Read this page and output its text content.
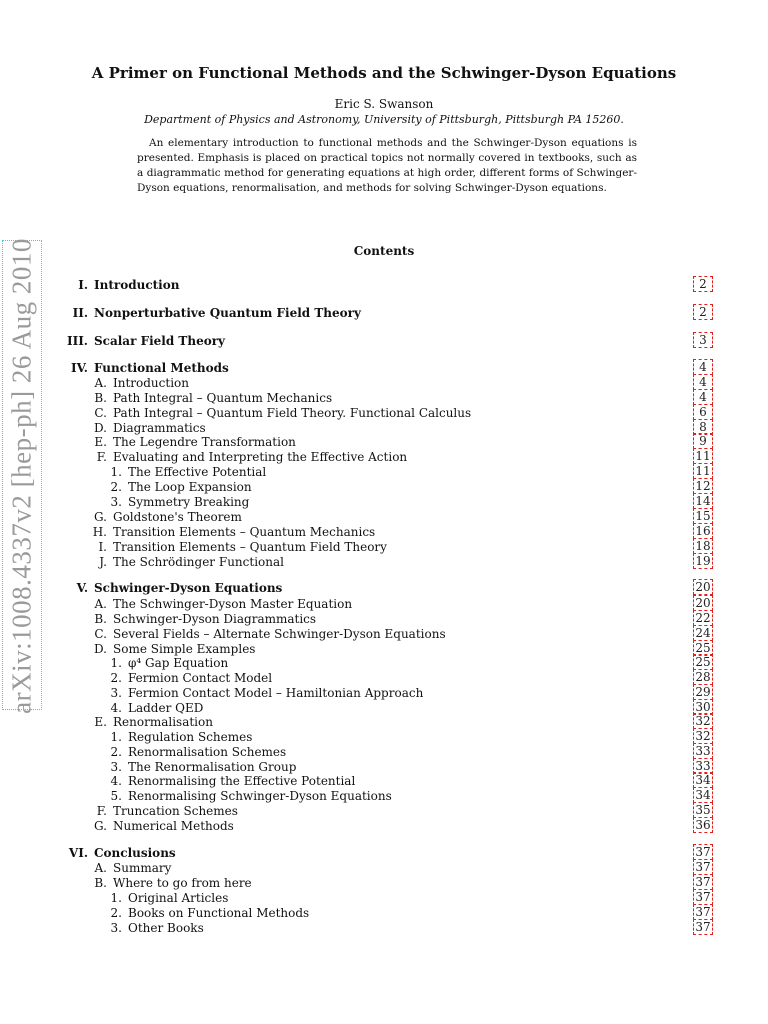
A Primer on Functional Methods and the Schwinger-Dyson Equations
Eric S. Swanson
Department of Physics and Astronomy, University of Pittsburgh, Pittsburgh PA 15260.
An elementary introduction to functional methods and the Schwinger-Dyson equations is presented. Emphasis is placed on practical topics not normally covered in textbooks, such as a diagrammatic method for generating equations at high order, different forms of Schwinger-Dyson equations, renormalisation, and methods for solving Schwinger-Dyson equations.
arXiv:1008.4337v2 [hep-ph] 26 Aug 2010	Contents
I. Introduction	2
II. Nonperturbative Quantum Field Theory	2
III. Scalar Field Theory	3
IV. Functional Methods	4
A. Introduction	4
B. Path Integral – Quantum Mechanics	4
C. Path Integral – Quantum Field Theory. Functional Calculus	6
D. Diagrammatics	8
E. The Legendre Transformation	9
F. Evaluating and Interpreting the Effective Action	11
1. The Effective Potential	11
2. The Loop Expansion	12
3. Symmetry Breaking	14
G. Goldstone's Theorem	15
H. Transition Elements – Quantum Mechanics	16
I. Transition Elements – Quantum Field Theory	18
J. The Schrödinger Functional	19
V. Schwinger-Dyson Equations	20
A. The Schwinger-Dyson Master Equation	20
B. Schwinger-Dyson Diagrammatics	22
C. Several Fields – Alternate Schwinger-Dyson Equations	24
D. Some Simple Examples	25
1. φ⁴ Gap Equation	25
2. Fermion Contact Model	28
3. Fermion Contact Model – Hamiltonian Approach	29
4. Ladder QED	30
E. Renormalisation	32
1. Regulation Schemes	32
2. Renormalisation Schemes	33
3. The Renormalisation Group	33
4. Renormalising the Effective Potential	34
5. Renormalising Schwinger-Dyson Equations	34
F. Truncation Schemes	35
G. Numerical Methods	36
VI. Conclusions	37
A. Summary	37
B. Where to go from here	37
1. Original Articles	37
2. Books on Functional Methods	37
3. Other Books	37
